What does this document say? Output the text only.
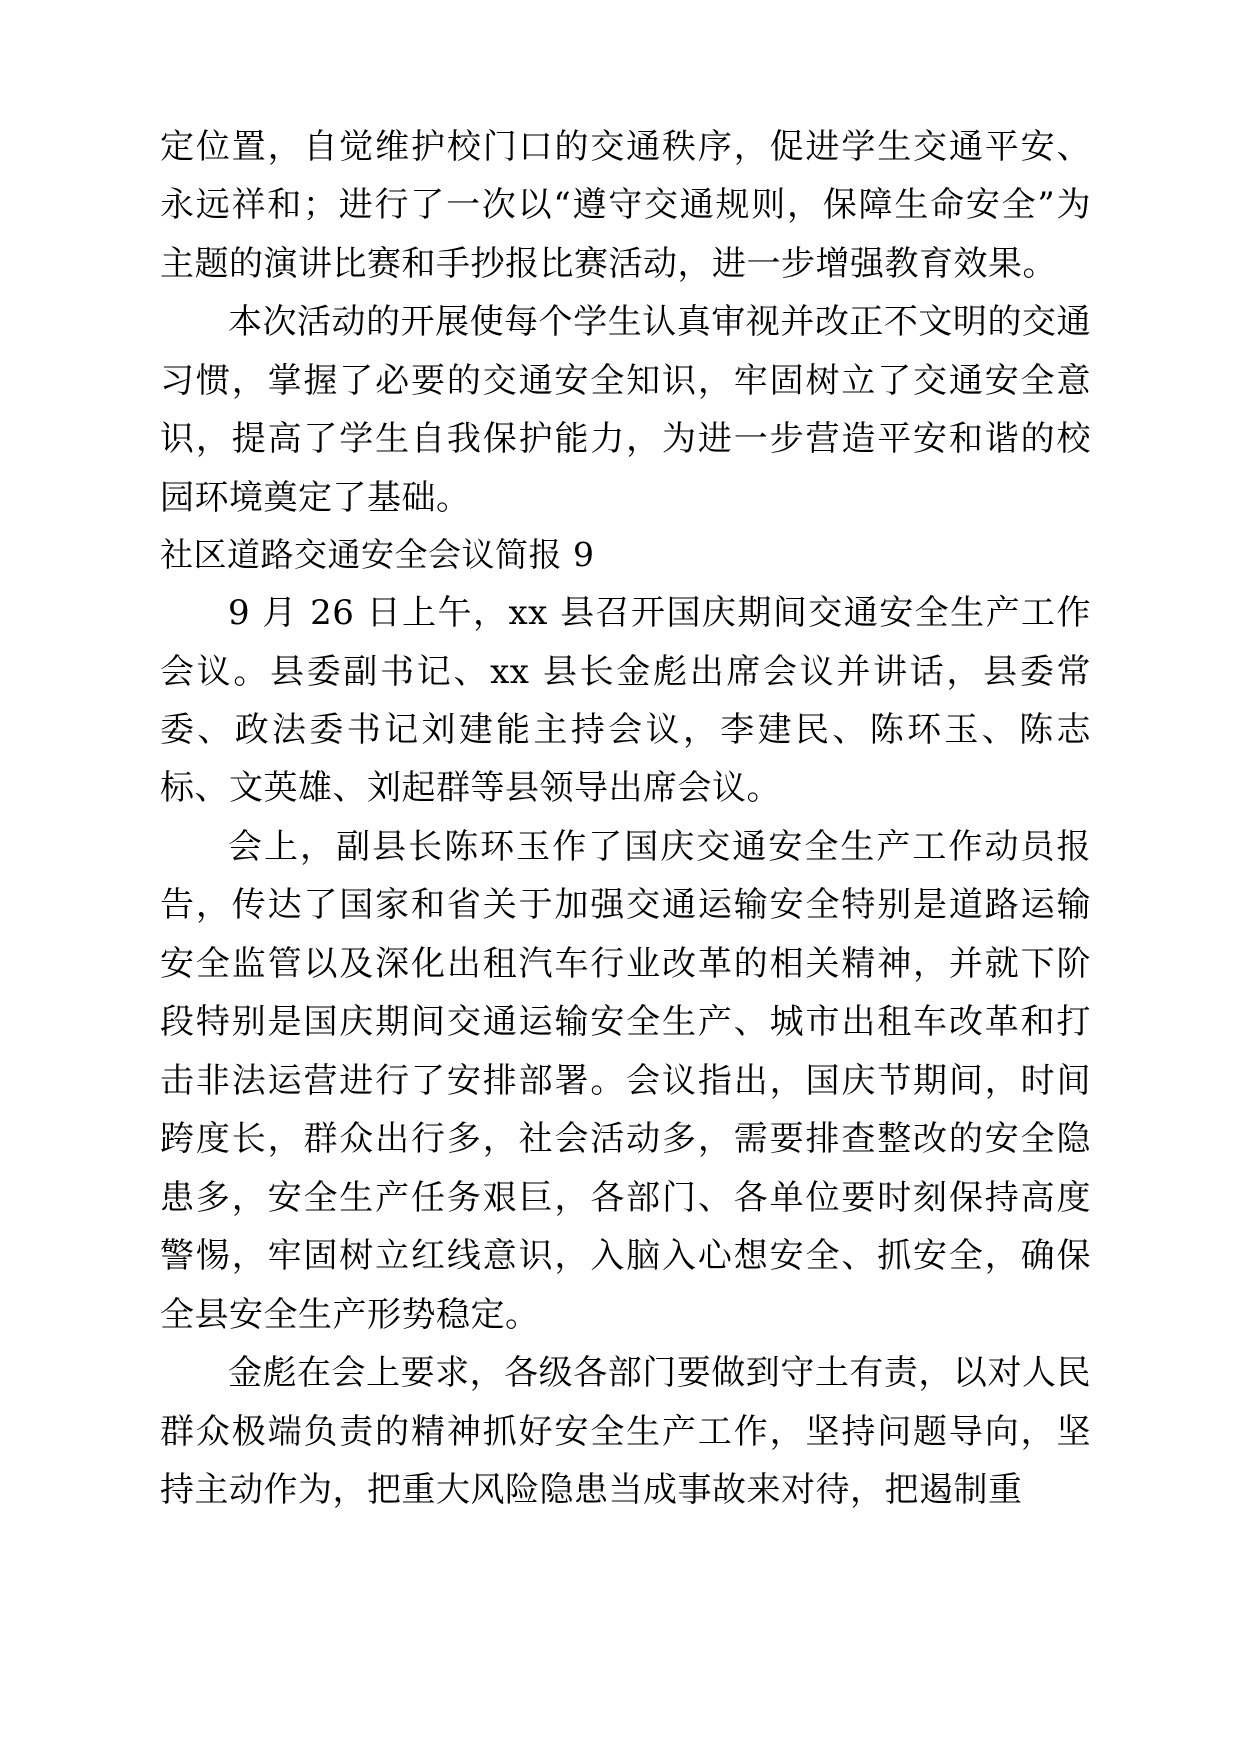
定位置，自觉维护校门口的交通秩序，促进学生交通平安、永远祥和；进行了一次以“遵守交通规则，保障生命安全”为主题的演讲比赛和手抄报比赛活动，进一步增强教育效果。

本次活动的开展使每个学生认真审视并改正不文明的交通习惯，掌握了必要的交通安全知识，牢固树立了交通安全意识，提高了学生自我保护能力，为进一步营造平安和谐的校园环境奠定了基础。

社区道路交通安全会议简报 9

9 月 26 日上午，xx 县召开国庆期间交通安全生产工作会议。县委副书记、xx 县长金彪出席会议并讲话，县委常委、政法委书记刘建能主持会议，李建民、陈环玉、陈志标、文英雄、刘起群等县领导出席会议。

会上，副县长陈环玉作了国庆交通安全生产工作动员报告，传达了国家和省关于加强交通运输安全特别是道路运输安全监管以及深化出租汽车行业改革的相关精神，并就下阶段特别是国庆期间交通运输安全生产、城市出租车改革和打击非法运营进行了安排部署。会议指出，国庆节期间，时间跨度长，群众出行多，社会活动多，需要排查整改的安全隐患多，安全生产任务艰巨，各部门、各单位要时刻保持高度警惕，牢固树立红线意识，入脑入心想安全、抓安全，确保全县安全生产形势稳定。

金彪在会上要求，各级各部门要做到守土有责，以对人民群众极端负责的精神抓好安全生产工作，坚持问题导向，坚持主动作为，把重大风险隐患当成事故来对待，把遏制重
